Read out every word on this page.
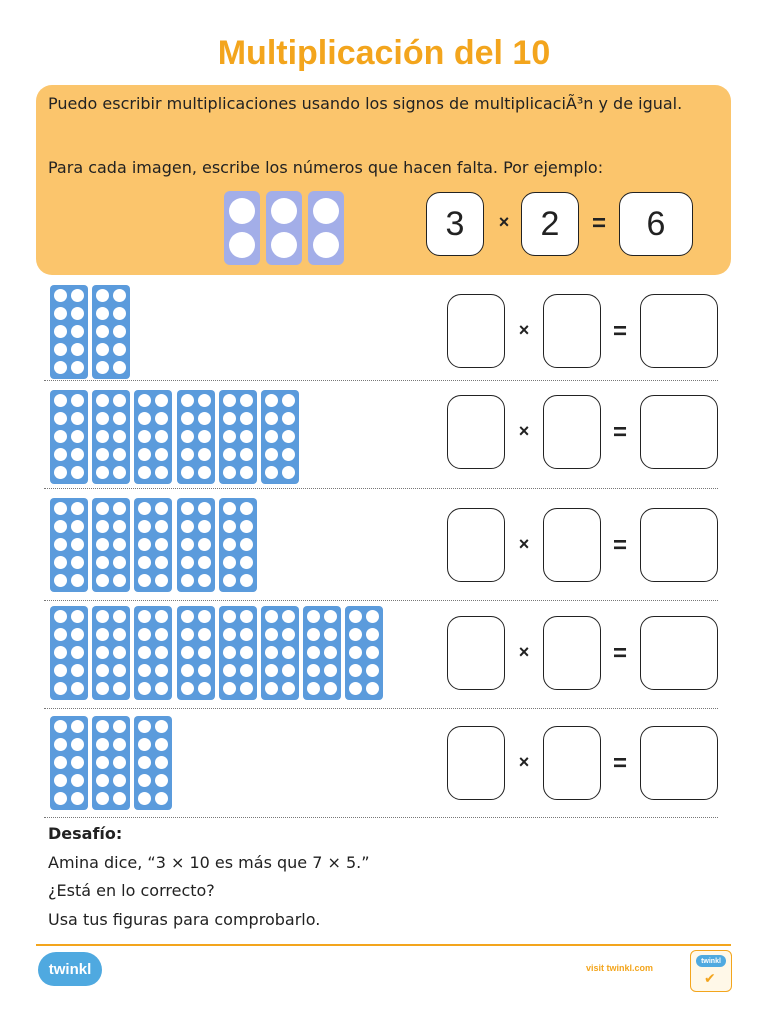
Multiplicación del 10

Puedo escribir multiplicaciones usando los signos de multiplicaciÃ³n y de igual.

Para cada imagen, escribe los números que hacen falta. Por ejemplo:

3	× 2	=	6
×	=
×	=
×	=
×	=
×	=

Desafío:

Amina dice, “3 × 10 es más que 7 × 5.”

¿Está en lo correcto?

Usa tus figuras para comprobarlo.

twinkl	visit twinkl.com
twinkl
✔
